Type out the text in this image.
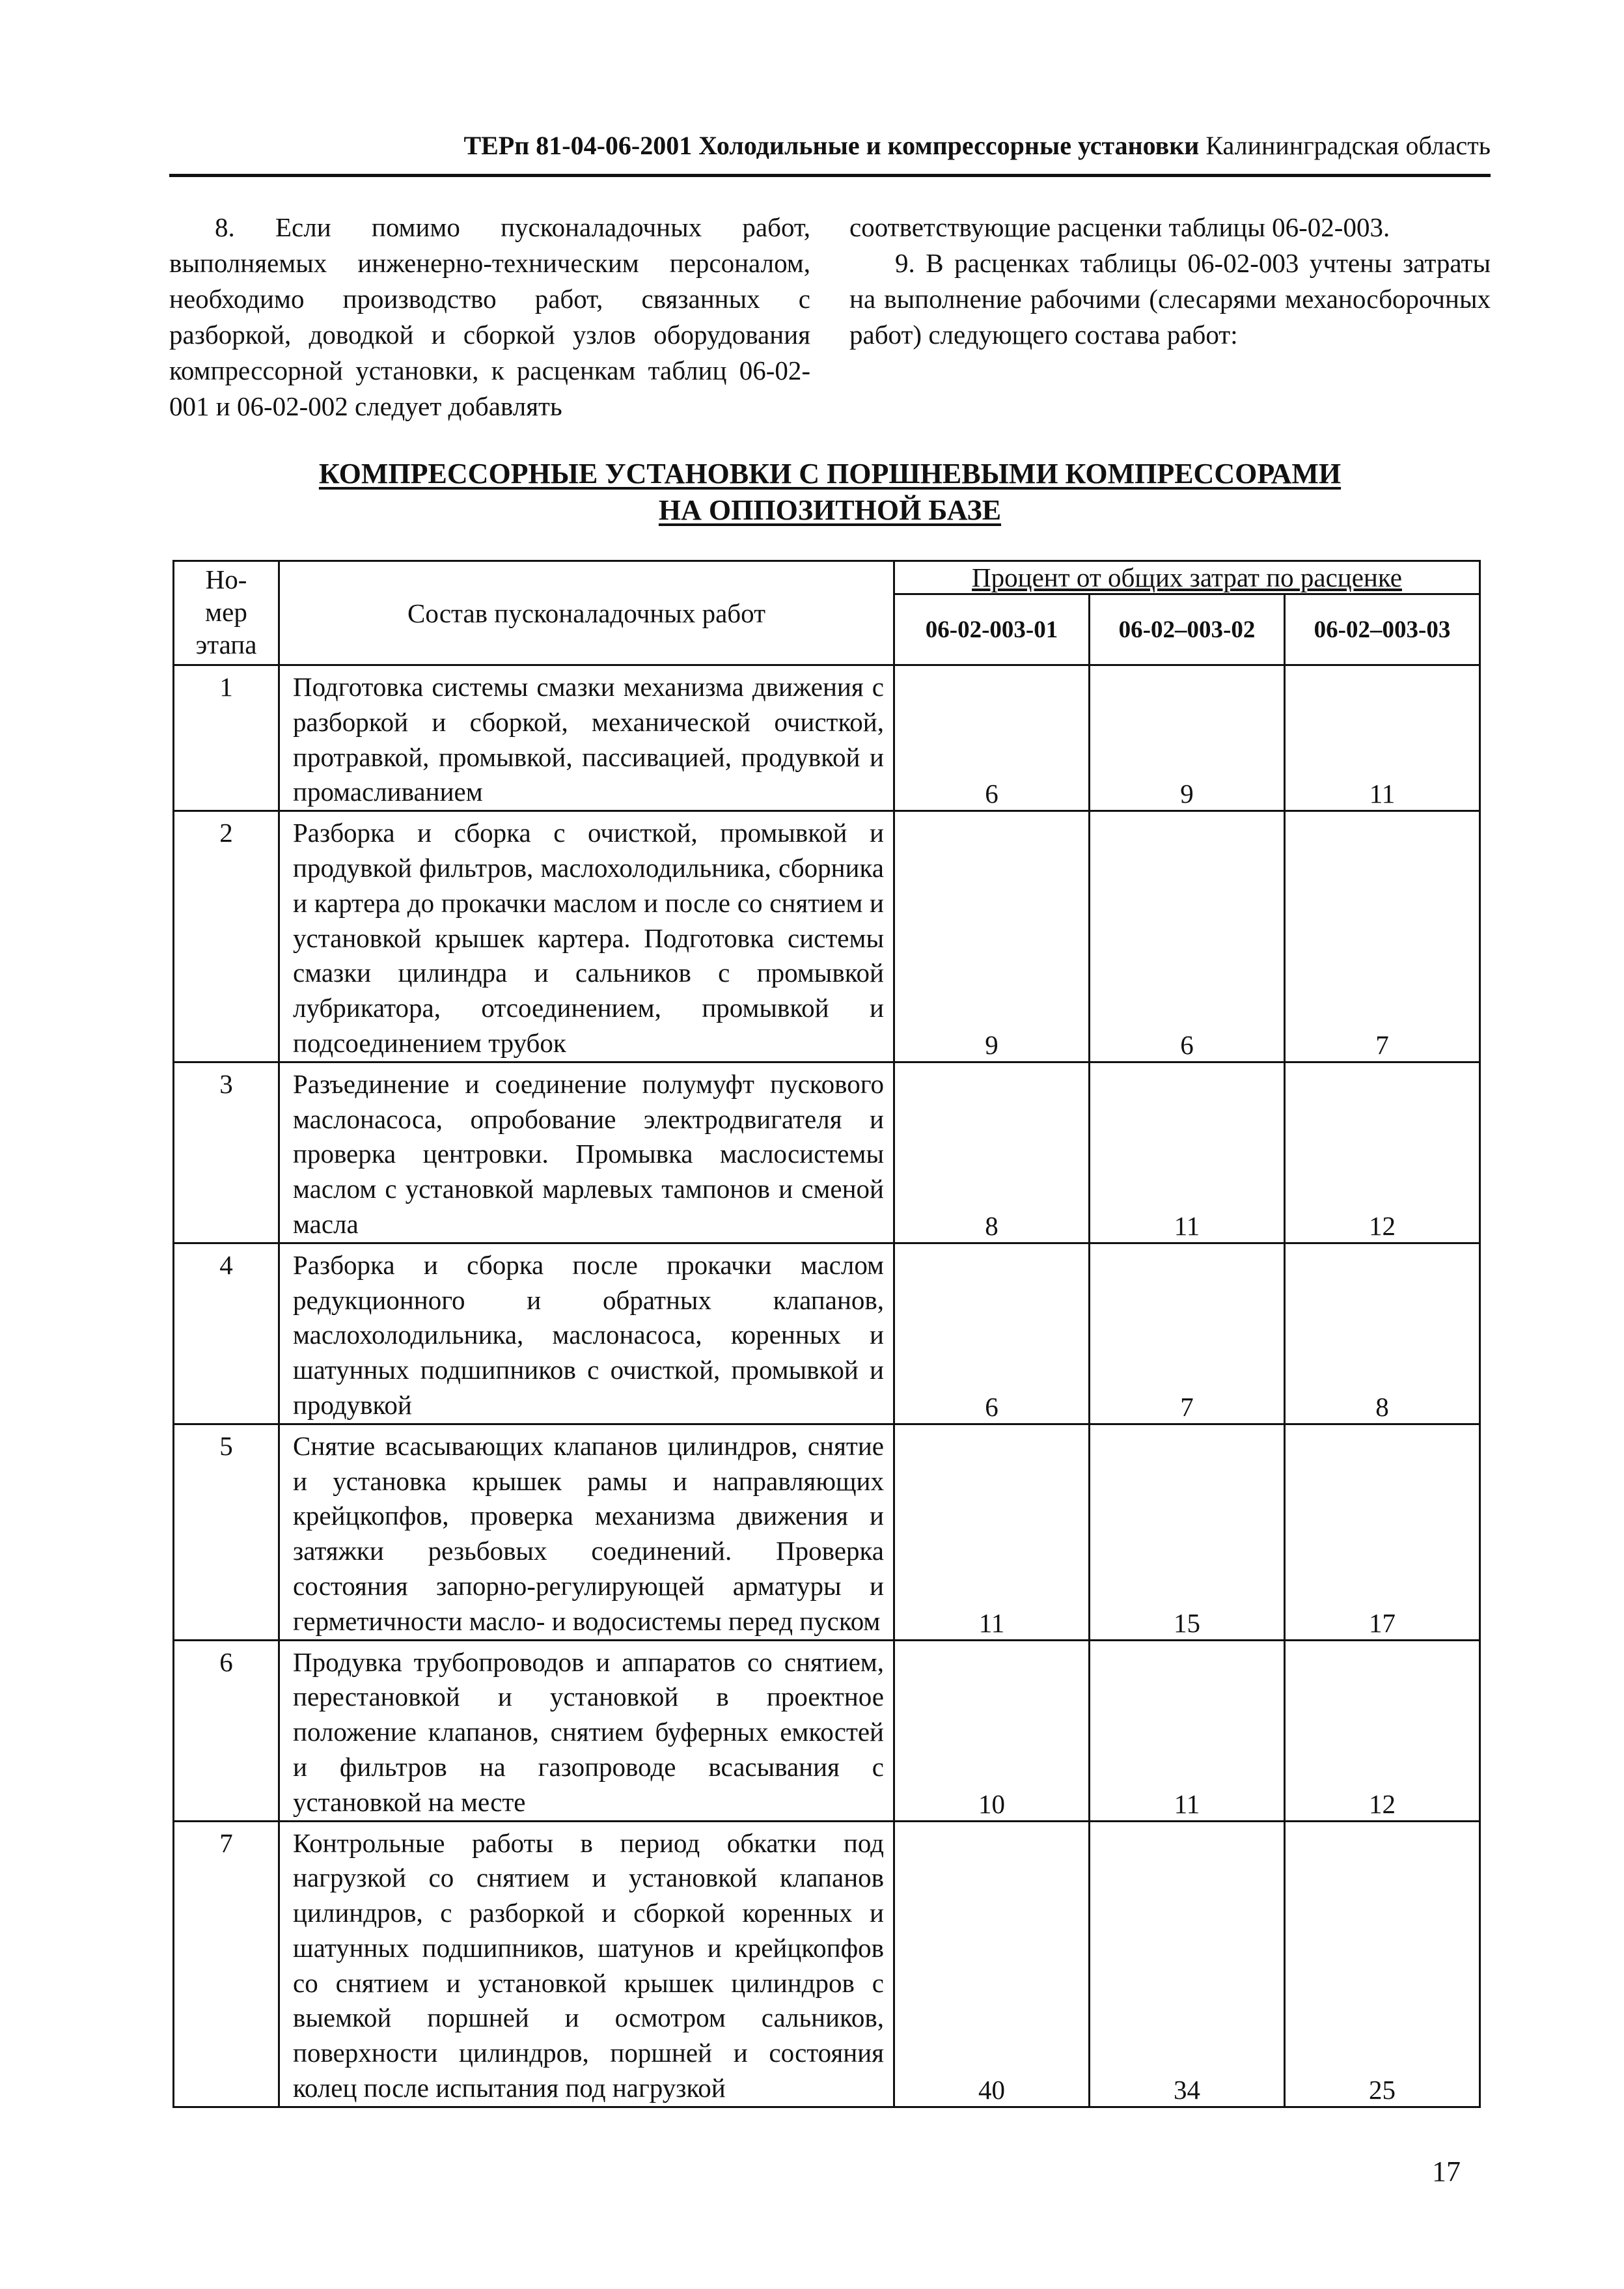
ТЕРп 81-04-06-2001 Холодильные и компрессорные установки Калининградская область

8. Если помимо пусконаладочных работ, выполняемых инженерно-техническим персоналом, необходимо производство работ, связанных с разборкой, доводкой и сборкой узлов оборудования компрессорной установки, к расценкам таблиц 06-02-001 и 06-02-002 следует добавлять

соответствующие расценки таблицы 06-02-003.

9. В расценках таблицы 06-02-003 учтены затраты на выполнение рабочими (слесарями механосборочных работ) следующего состава работ:

КОМПРЕССОРНЫЕ УСТАНОВКИ С ПОРШНЕВЫМИ КОМПРЕССОРАМИ
НА ОППОЗИТНОЙ БАЗЕ
Но-
мер
этапа	Состав пусконаладочных работ	Процент от общих затрат по расценке		
		06-02-003-01	06-02–003-02	06-02–003-03
1	Подготовка системы смазки механизма движения с разборкой и сборкой, механической очисткой, протравкой, промывкой, пассивацией, продувкой и промасливанием	6	9	11

2	Разборка и сборка с очисткой, промывкой и продувкой фильтров, маслохолодильника, сборника и картера до прокачки маслом и после со снятием и установкой крышек картера. Подготовка системы смазки цилиндра и сальников с промывкой лубрикатора, отсоединением, промывкой и подсоединением трубок	9	6	7

3	Разъединение и соединение полумуфт пускового маслонасоса, опробование электродвигателя и проверка центровки. Промывка маслосистемы маслом с установкой марлевых тампонов и сменой масла	8	11	12

4	Разборка и сборка после прокачки маслом редукционного и обратных клапанов, маслохолодильника, маслонасоса, коренных и шатунных подшипников с очисткой, промывкой и продувкой	6	7	8

5	Снятие всасывающих клапанов цилиндров, снятие и установка крышек рамы и направляющих крейцкопфов, проверка механизма движения и затяжки резьбовых соединений. Проверка состояния запорно-регулирующей арматуры и герметичности масло- и водосистемы перед пуском	11	15	17

6	Продувка трубопроводов и аппаратов со снятием, перестановкой и установкой в проектное положение клапанов, снятием буферных емкостей и фильтров на газопроводе всасывания с установкой на месте	10	11	12

7	Контрольные работы в период обкатки под нагрузкой со снятием и установкой клапанов цилиндров, с разборкой и сборкой коренных и шатунных подшипников, шатунов и крейцкопфов со снятием и установкой крышек цилиндров с выемкой поршней и осмотром сальников, поверхности цилиндров, поршней и состояния колец после испытания под нагрузкой	40	34	25
17
